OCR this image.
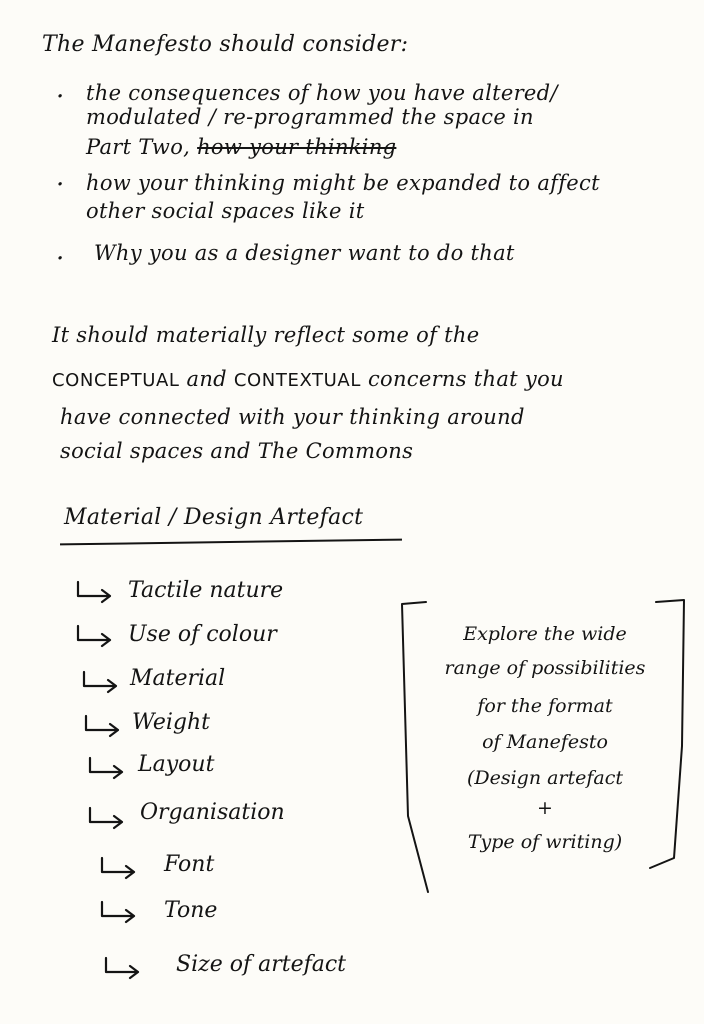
The Manefesto should consider:
· the consequences of how you have altered/
modulated / re-programmed the space in
Part Two, how your thinking
· how your thinking might be expanded to affect
other social spaces like it
· Why you as a designer want to do that
It should materially reflect some of the
CONCEPTUAL and CONTEXTUAL concerns that you
have connected with your thinking around
social spaces and The Commons
Material / Design Artefact
Tactile nature
Use of colour
Material
Weight
Layout
Organisation
Font
Tone
Size of artefact
Explore the wide
range of possibilities
for the format
of Manefesto
(Design artefact
+
Type of writing)
